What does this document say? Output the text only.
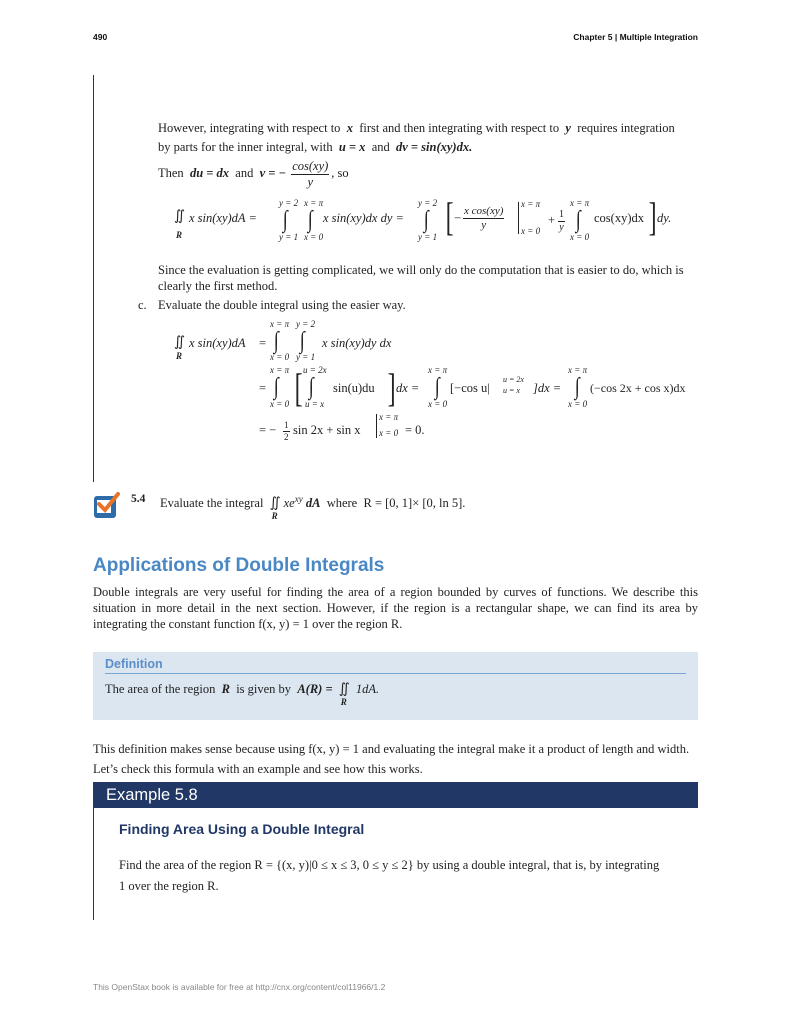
490	Chapter 5 | Multiple Integration
However, integrating with respect to x first and then integrating with respect to y requires integration
by parts for the inner integral, with u = x and dv = sin(xy)dx.
Then du = dx and v = − $\frac{\cos(xy)}{y}$ , so
∬
R
x sin(xy)dA =
y = 2 x = π
∫ ∫
y = 1 x = 0
x sin(xy)dx dy =
y = 2
∫
y = 1 [ − $\frac{\text{x cos(xy)}}{y}$
x = π
x = 0
+ $\frac{1}{y}$
x = π
∫
x = 0
cos(xy)dx ] dy.
Since the evaluation is getting complicated, we will only do the computation that is easier to do, which is
clearly the first method.
c. Evaluate the double integral using the easier way.
∬
R
x sin(xy)dA =
x = π y = 2
∫ ∫
x = 0 y = 1
x sin(xy)dy dx
=
x = π
∫
x = 0 [ u = 2x
∫
u = x
sin(u)du ] dx =
x = π
∫
x = 0
[−cos u|
u = 2x
u = x ]dx =
x = π
∫
x = 0
(−cos 2x + cos x)dx
= − $\frac{1}{2}$ sin 2x + sin x
x = π
x = 0 = 0.
5.4 Evaluate the integral ∬
R
$xe^{xy}$ dA where R = [0, 1]× [0, ln 5].
Applications of Double Integrals
Double integrals are very useful for finding the area of a region bounded by curves of functions. We describe this situation in more detail in the next section. However, if the region is a rectangular shape, we can find its area by integrating the constant function f(x, y) = 1 over the region R.
Definition
The area of the region R is given by A(R) = ∬
R
1dA.
This definition makes sense because using f(x, y) = 1 and evaluating the integral make it a product of length and width.
Let’s check this formula with an example and see how this works.
Example 5.8
Finding Area Using a Double Integral
Find the area of the region R = {(x, y)|0 ≤ x ≤ 3, 0 ≤ y ≤ 2} by using a double integral, that is, by integrating
1 over the region R.
This OpenStax book is available for free at http://cnx.org/content/col11966/1.2
